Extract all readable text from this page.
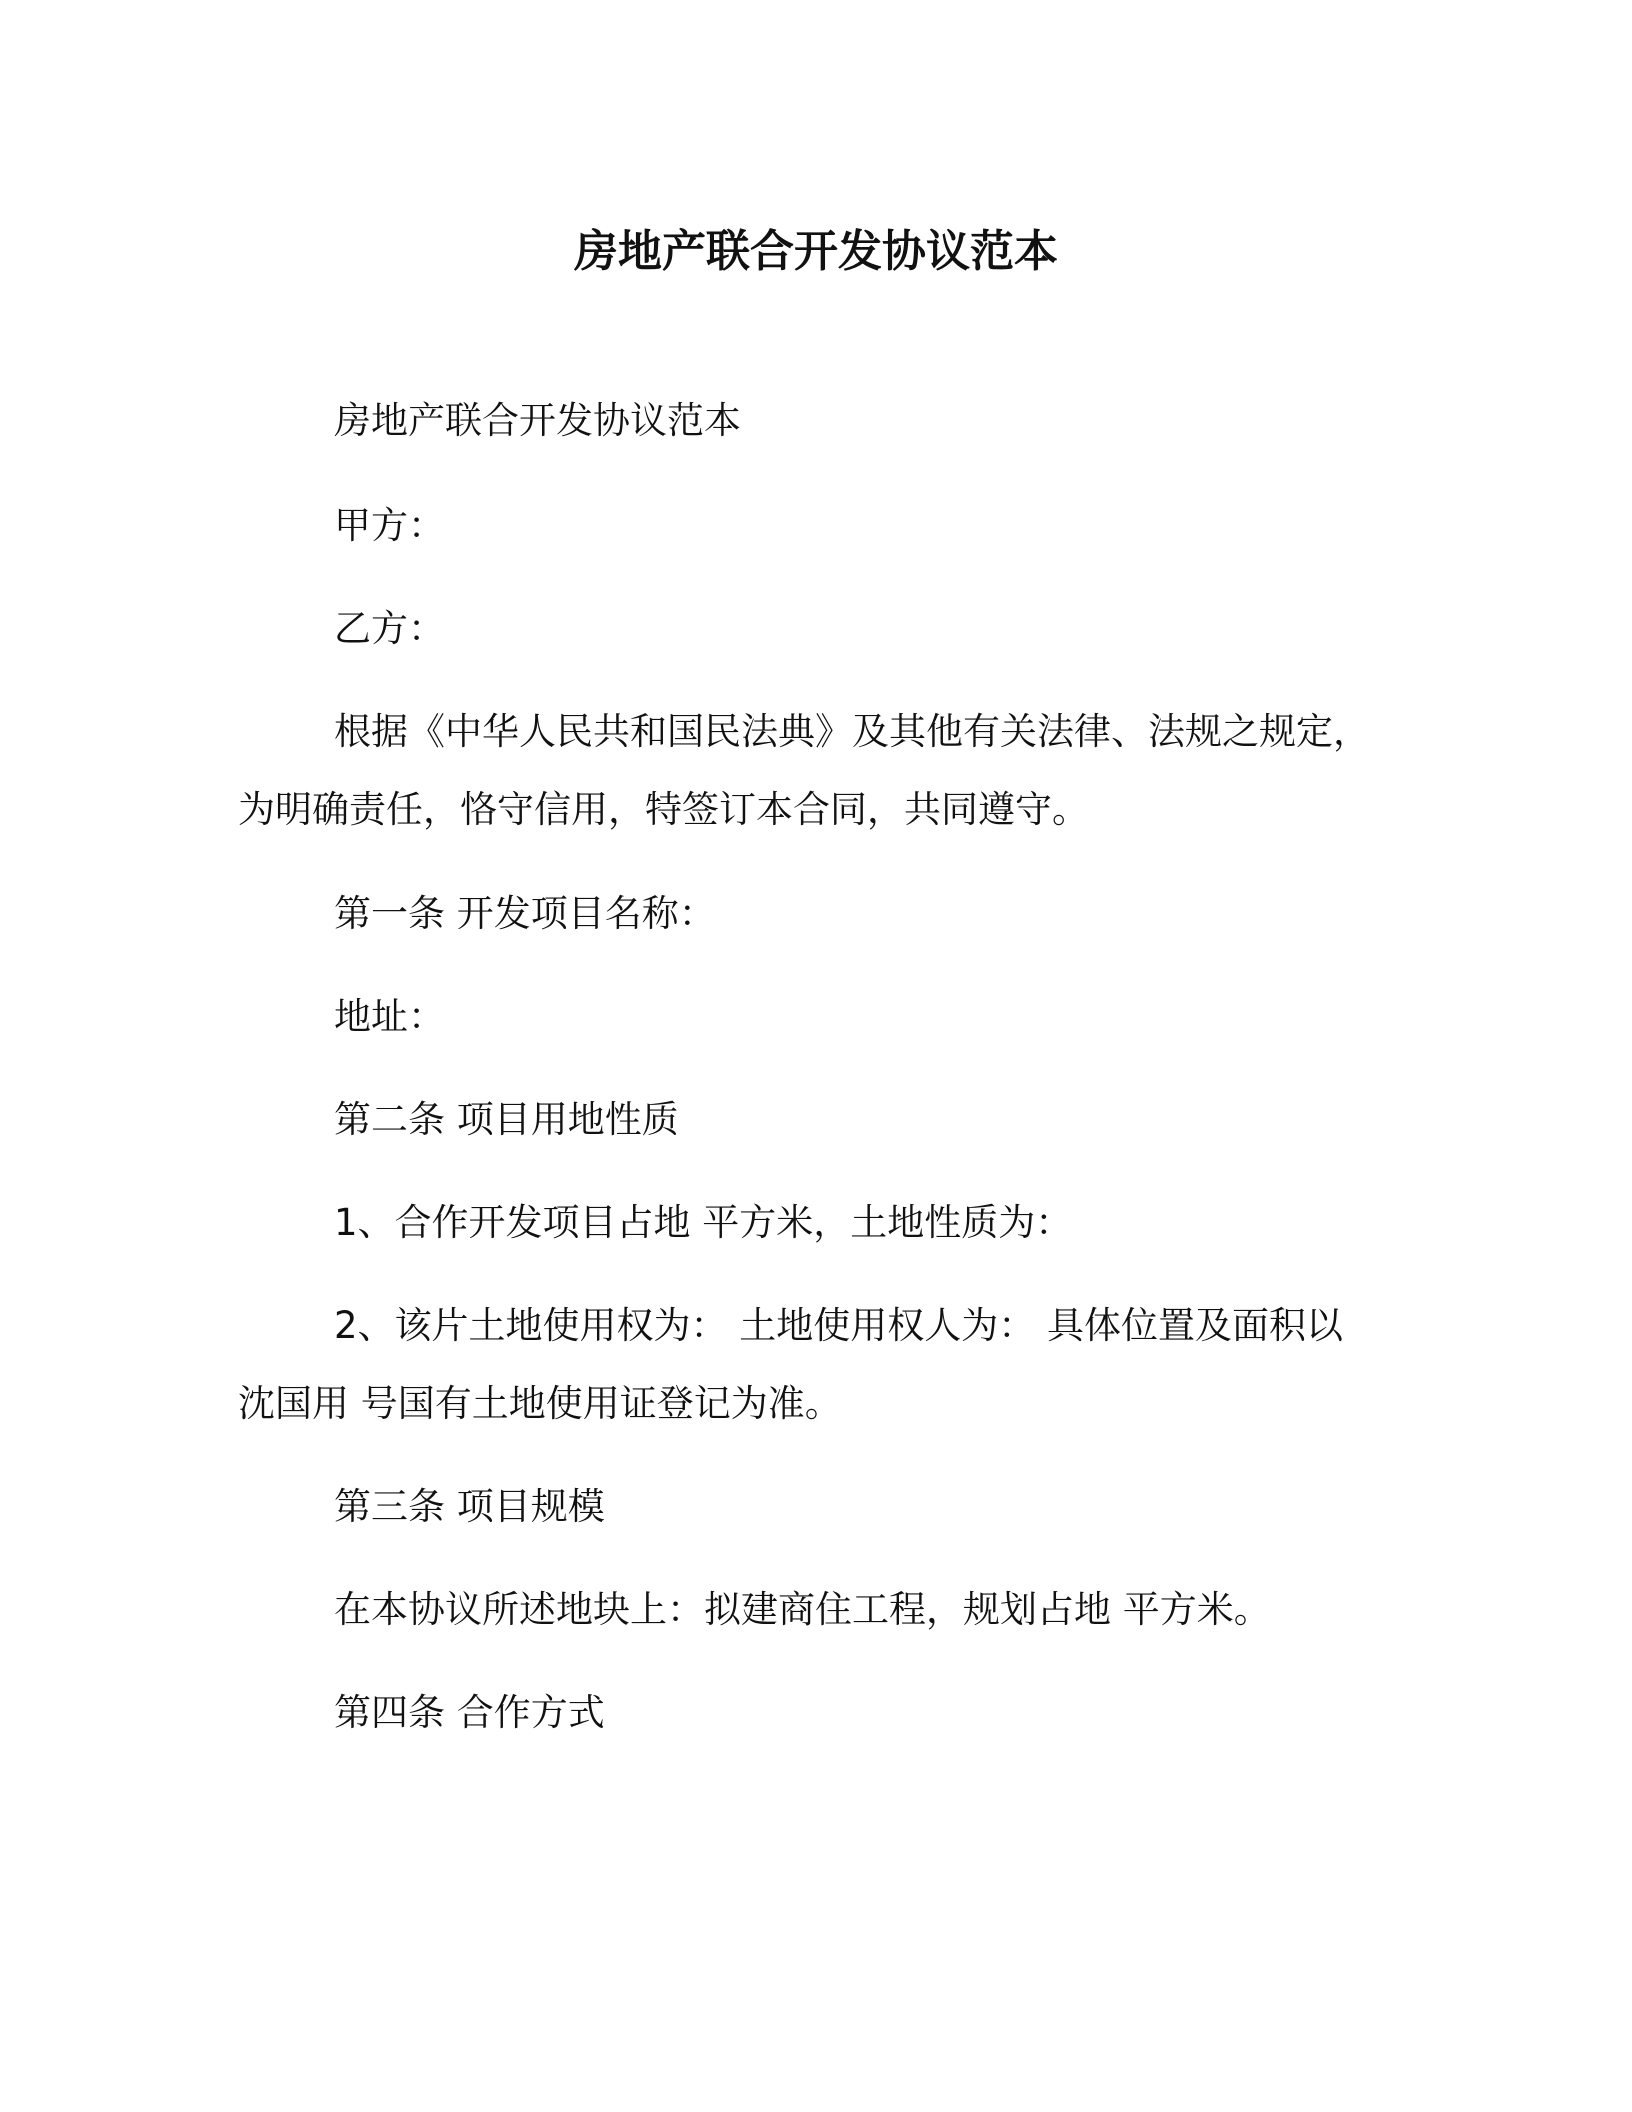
房地产联合开发协议范本
房地产联合开发协议范本
甲方：
乙方：
根据《中华人民共和国民法典》及其他有关法律、法规之规定，为明确责任，恪守信用，特签订本合同，共同遵守。
第一条 开发项目名称：
地址：
第二条 项目用地性质
1、合作开发项目占地 平方米，土地性质为：
2、该片土地使用权为： 土地使用权人为： 具体位置及面积以沈国用 号国有土地使用证登记为准。
第三条 项目规模
在本协议所述地块上：拟建商住工程，规划占地 平方米。
第四条 合作方式
